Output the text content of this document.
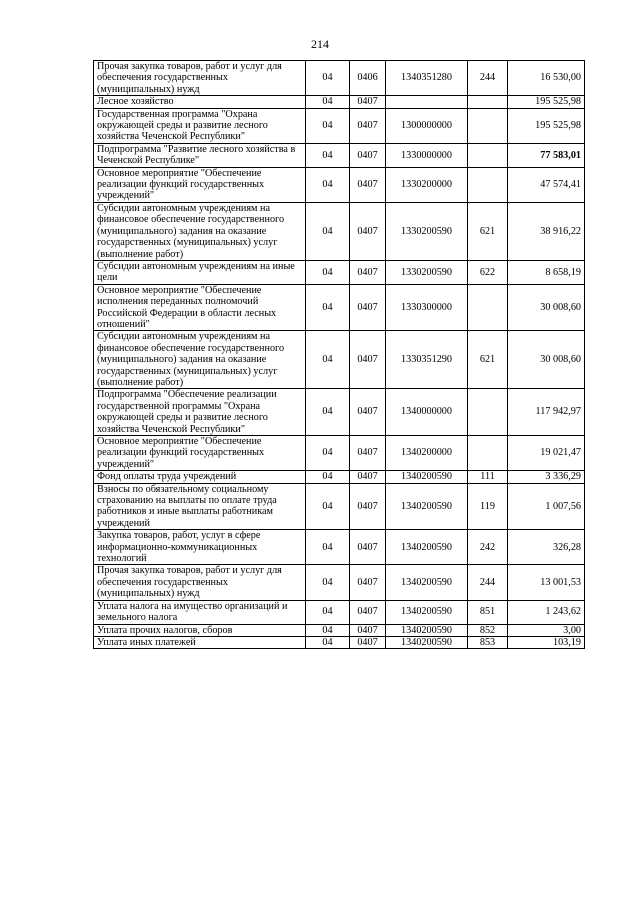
214
Прочая закупка товаров, работ и услуг для обеспечения государственных (муниципальных) нужд	04	0406	1340351280	244	16 530,00
Лесное хозяйство	04	0407			195 525,98
Государственная программа "Охрана окружающей среды и развитие лесного хозяйства Чеченской Республики"	04	0407	1300000000		195 525,98
Подпрограмма "Развитие лесного хозяйства в Чеченской Республике"	04	0407	1330000000		77 583,01
Основное мероприятие "Обеспечение реализации функций государственных учреждений"	04	0407	1330200000		47 574,41
Субсидии автономным учреждениям на финансовое обеспечение государственного (муниципального) задания на оказание государственных (муниципальных) услуг (выполнение работ)	04	0407	1330200590	621	38 916,22
Субсидии автономным учреждениям на иные цели	04	0407	1330200590	622	8 658,19
Основное мероприятие "Обеспечение исполнения переданных полномочий Российской Федерации в области лесных отношений"	04	0407	1330300000		30 008,60
Субсидии автономным учреждениям на финансовое обеспечение государственного (муниципального) задания на оказание государственных (муниципальных) услуг (выполнение работ)	04	0407	1330351290	621	30 008,60
Подпрограмма "Обеспечение реализации государственной программы "Охрана окружающей среды и развитие лесного хозяйства Чеченской Республики"	04	0407	1340000000		117 942,97
Основное мероприятие "Обеспечение реализации функций государственных учреждений"	04	0407	1340200000		19 021,47
Фонд оплаты труда учреждений	04	0407	1340200590	111	3 336,29
Взносы по обязательному социальному страхованию на выплаты по оплате труда работников и иные выплаты работникам учреждений	04	0407	1340200590	119	1 007,56
Закупка товаров, работ, услуг в сфере информационно-коммуникационных технологий	04	0407	1340200590	242	326,28
Прочая закупка товаров, работ и услуг для обеспечения государственных (муниципальных) нужд	04	0407	1340200590	244	13 001,53
Уплата налога на имущество организаций и земельного налога	04	0407	1340200590	851	1 243,62
Уплата прочих налогов, сборов	04	0407	1340200590	852	3,00
Уплата иных платежей	04	0407	1340200590	853	103,19
